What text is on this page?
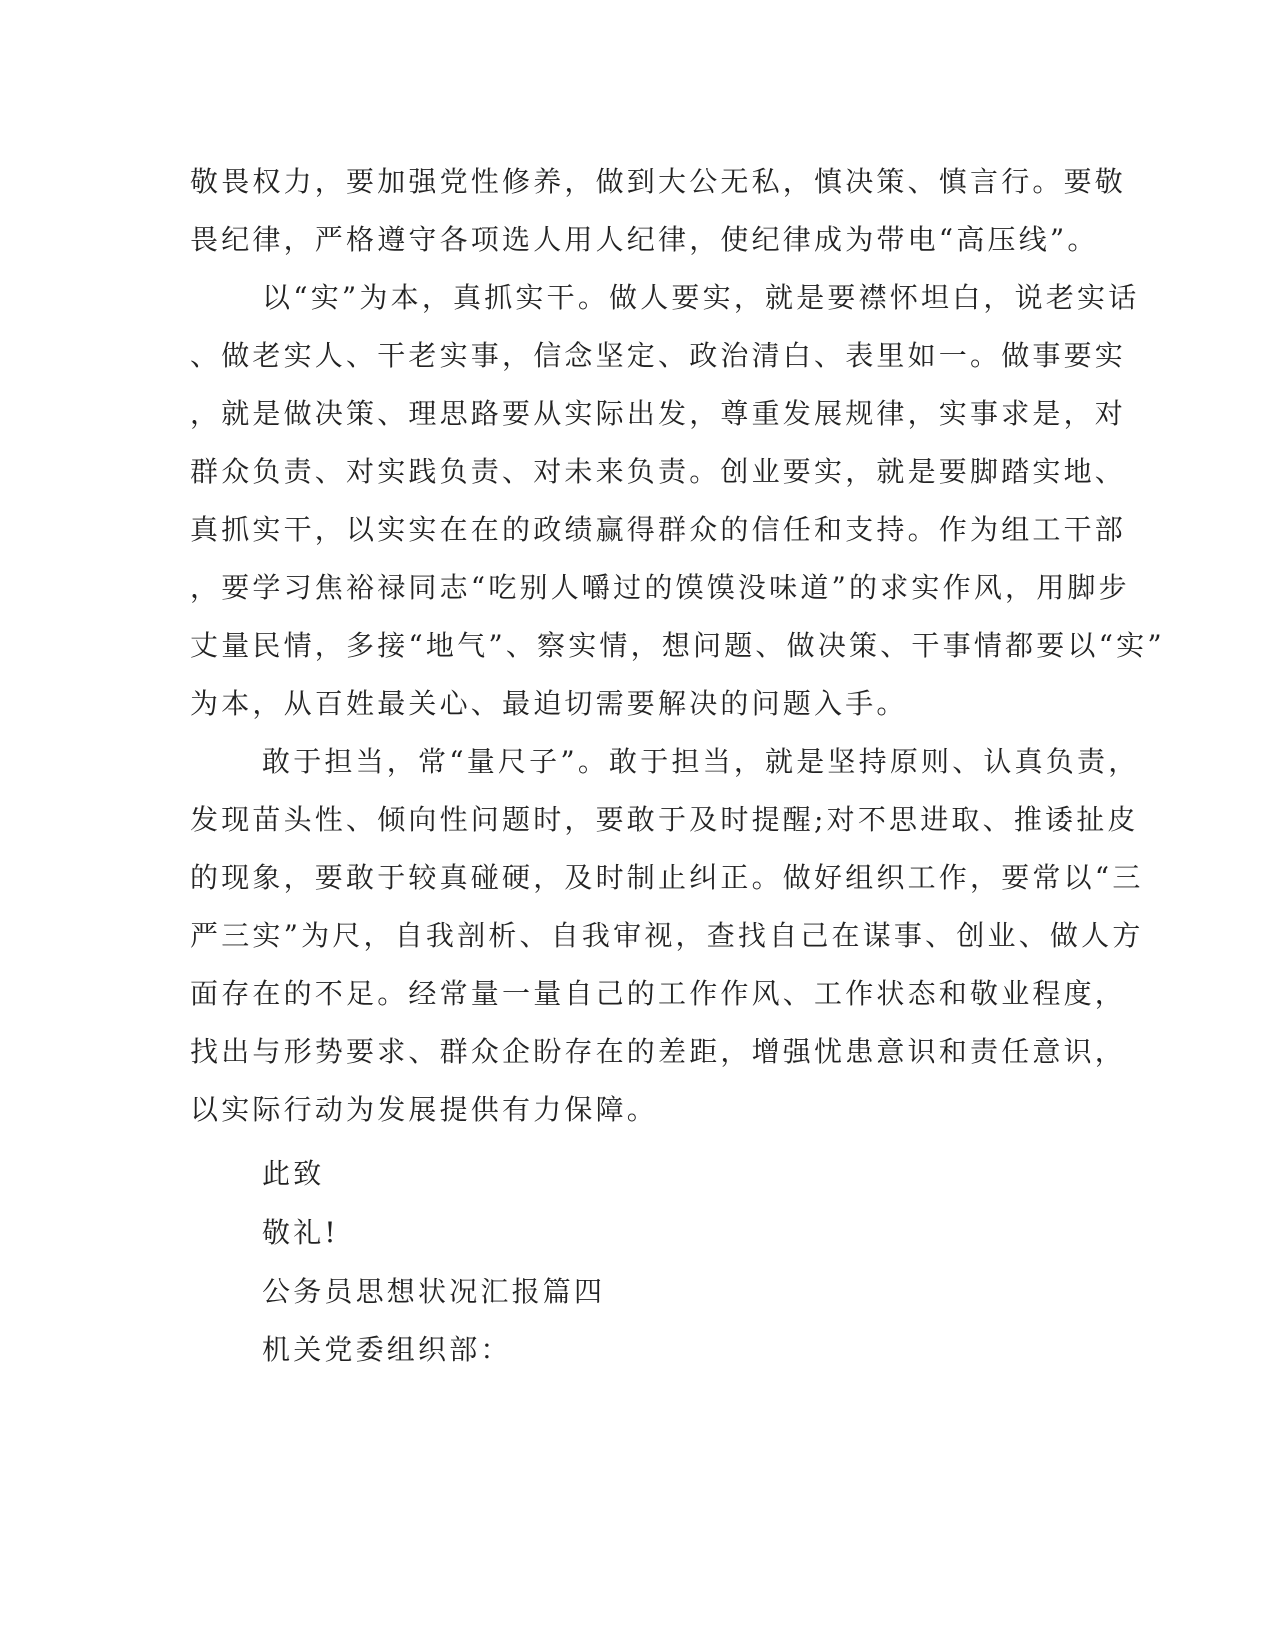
敬畏权力，要加强党性修养，做到大公无私，慎决策、慎言行。要敬
畏纪律，严格遵守各项选人用人纪律，使纪律成为带电“高压线”。
以“实”为本，真抓实干。做人要实，就是要襟怀坦白，说老实话
、做老实人、干老实事，信念坚定、政治清白、表里如一。做事要实
，就是做决策、理思路要从实际出发，尊重发展规律，实事求是，对
群众负责、对实践负责、对未来负责。创业要实，就是要脚踏实地、
真抓实干，以实实在在的政绩赢得群众的信任和支持。作为组工干部
，要学习焦裕禄同志“吃别人嚼过的馍馍没味道”的求实作风，用脚步
丈量民情，多接“地气”、察实情，想问题、做决策、干事情都要以“实”
为本，从百姓最关心、最迫切需要解决的问题入手。
敢于担当，常“量尺子”。敢于担当，就是坚持原则、认真负责，
发现苗头性、倾向性问题时，要敢于及时提醒;对不思进取、推诿扯皮
的现象，要敢于较真碰硬，及时制止纠正。做好组织工作，要常以“三
严三实”为尺，自我剖析、自我审视，查找自己在谋事、创业、做人方
面存在的不足。经常量一量自己的工作作风、工作状态和敬业程度，
找出与形势要求、群众企盼存在的差距，增强忧患意识和责任意识，
以实际行动为发展提供有力保障。
此致
敬礼!
公务员思想状况汇报篇四
机关党委组织部：
